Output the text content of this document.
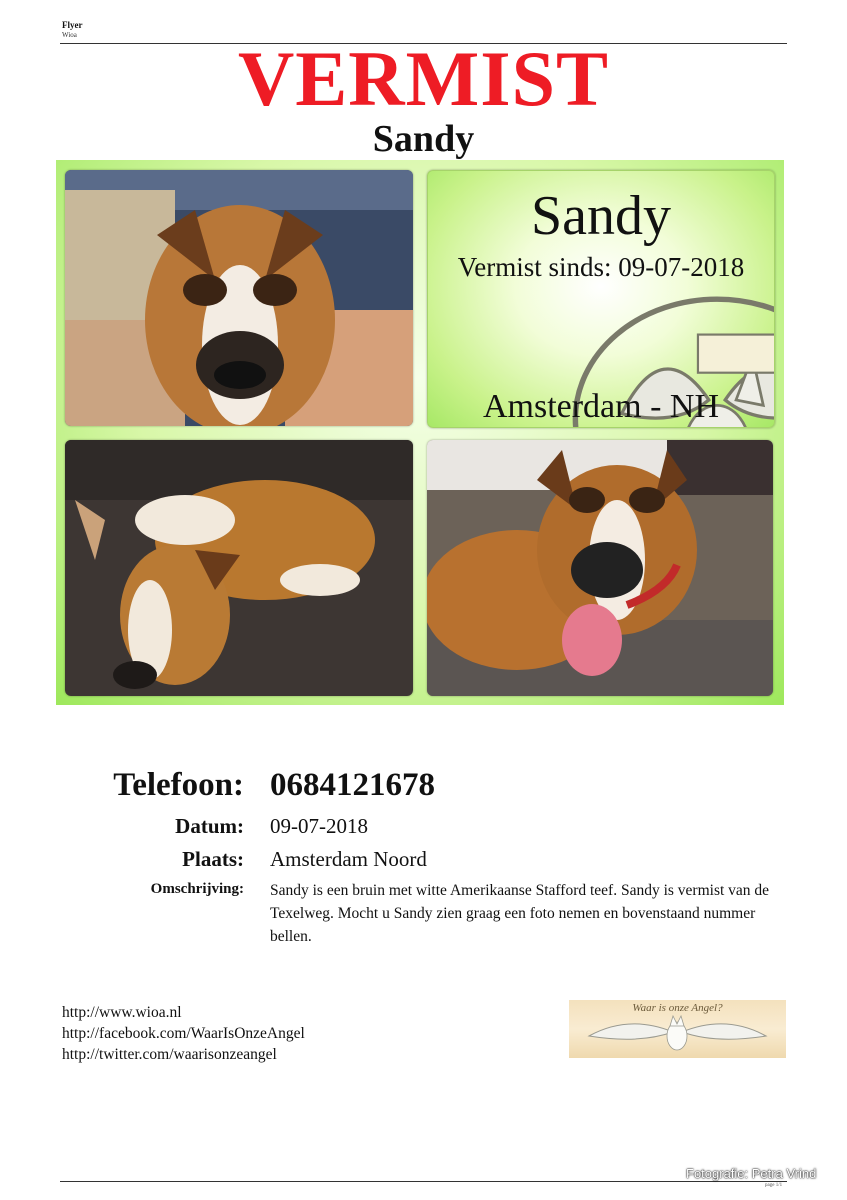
Flyer
Wioa	VERMIST
Sandy
Sandy
Vermist sinds: 09-07-2018
Amsterdam - NH
Telefoon: 0684121678
Datum: 09-07-2018
Plaats: Amsterdam Noord
Omschrijving: Sandy is een bruin met witte Amerikaanse Stafford teef. Sandy is vermist van de Texelweg. Mocht u Sandy zien graag een foto nemen en bovenstaand nummer bellen.
http://www.wioa.nl
http://facebook.com/WaarIsOnzeAngel
http://twitter.com/waarisonzeangel
Waar is onze Angel?
page 1/1
Fotografie: Petra Vrind
